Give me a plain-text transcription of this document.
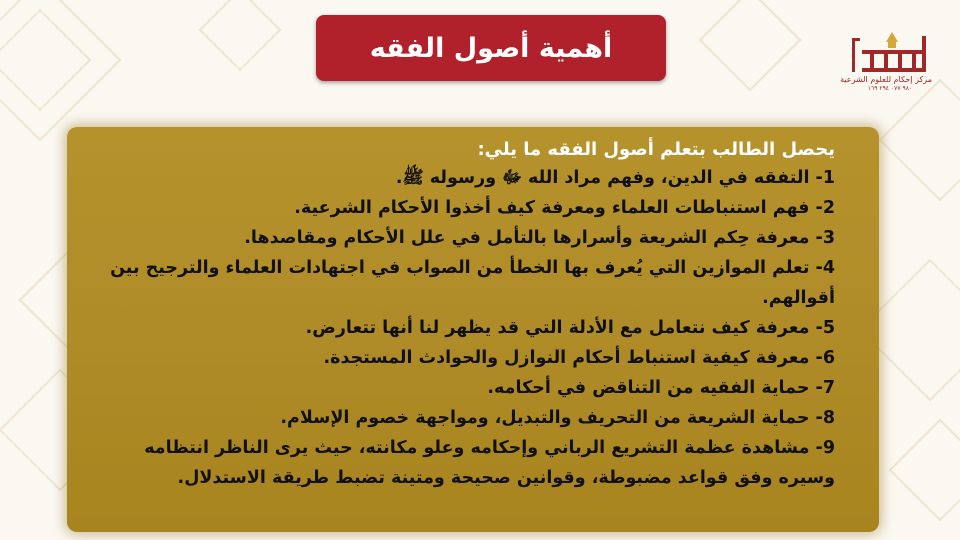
أهمية أصول الفقه
مركز إحكام للعلوم الشرعية
٩٨٠ ٠٧٧ ٢٩٤ ١٦٩
يحصل الطالب بتعلم أصول الفقه ما يلي:
1- التفقه في الدين، وفهم مراد الله ﷻ ورسوله ﷺ.
2- فهم استنباطات العلماء ومعرفة كيف أخذوا الأحكام الشرعية.
3- معرفة حِكم الشريعة وأسرارها بالتأمل في علل الأحكام ومقاصدها.
4- تعلم الموازين التي يُعرف بها الخطأ من الصواب في اجتهادات العلماء والترجيح بين أقوالهم.
5- معرفة كيف نتعامل مع الأدلة التي قد يظهر لنا أنها تتعارض.
6- معرفة كيفية استنباط أحكام النوازل والحوادث المستجدة.
7- حماية الفقيه من التناقض في أحكامه.
8- حماية الشريعة من التحريف والتبديل، ومواجهة خصوم الإسلام.
9- مشاهدة عظمة التشريع الرباني وإحكامه وعلو مكانته، حيث يرى الناظر انتظامه وسيره وفق قواعد مضبوطة، وقوانين صحيحة ومتينة تضبط طريقة الاستدلال.
